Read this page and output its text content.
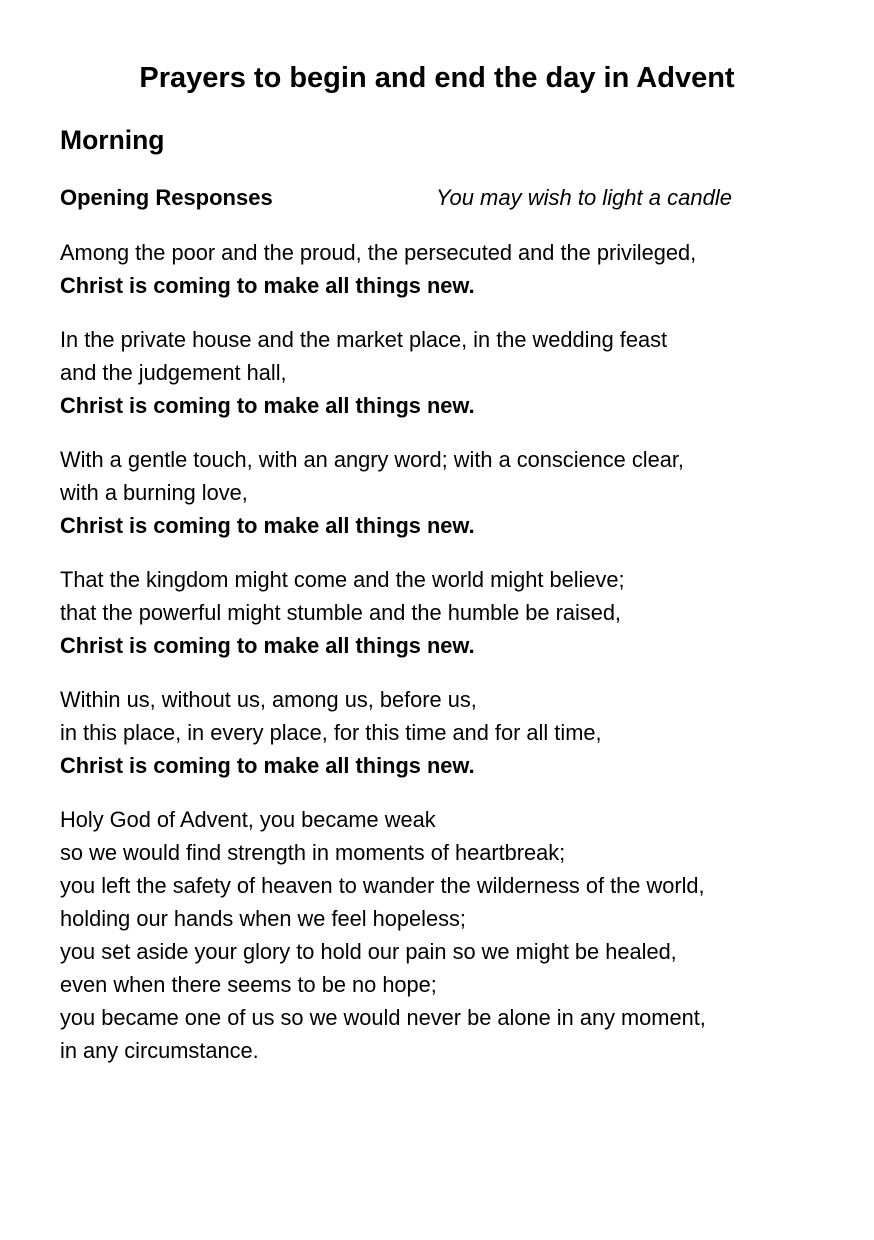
Prayers to begin and end the day in Advent
Morning
Opening Responses	You may wish to light a candle

Among the poor and the proud, the persecuted and the privileged,
Christ is coming to make all things new.

In the private house and the market place, in the wedding feast
and the judgement hall,
Christ is coming to make all things new.

With a gentle touch, with an angry word; with a conscience clear,
with a burning love,
Christ is coming to make all things new.

That the kingdom might come and the world might believe;
that the powerful might stumble and the humble be raised,
Christ is coming to make all things new.

Within us, without us, among us, before us,
in this place, in every place, for this time and for all time,
Christ is coming to make all things new.

Holy God of Advent, you became weak
so we would find strength in moments of heartbreak;
you left the safety of heaven to wander the wilderness of the world,
holding our hands when we feel hopeless;
you set aside your glory to hold our pain so we might be healed,
even when there seems to be no hope;
you became one of us so we would never be alone in any moment,
in any circumstance.
